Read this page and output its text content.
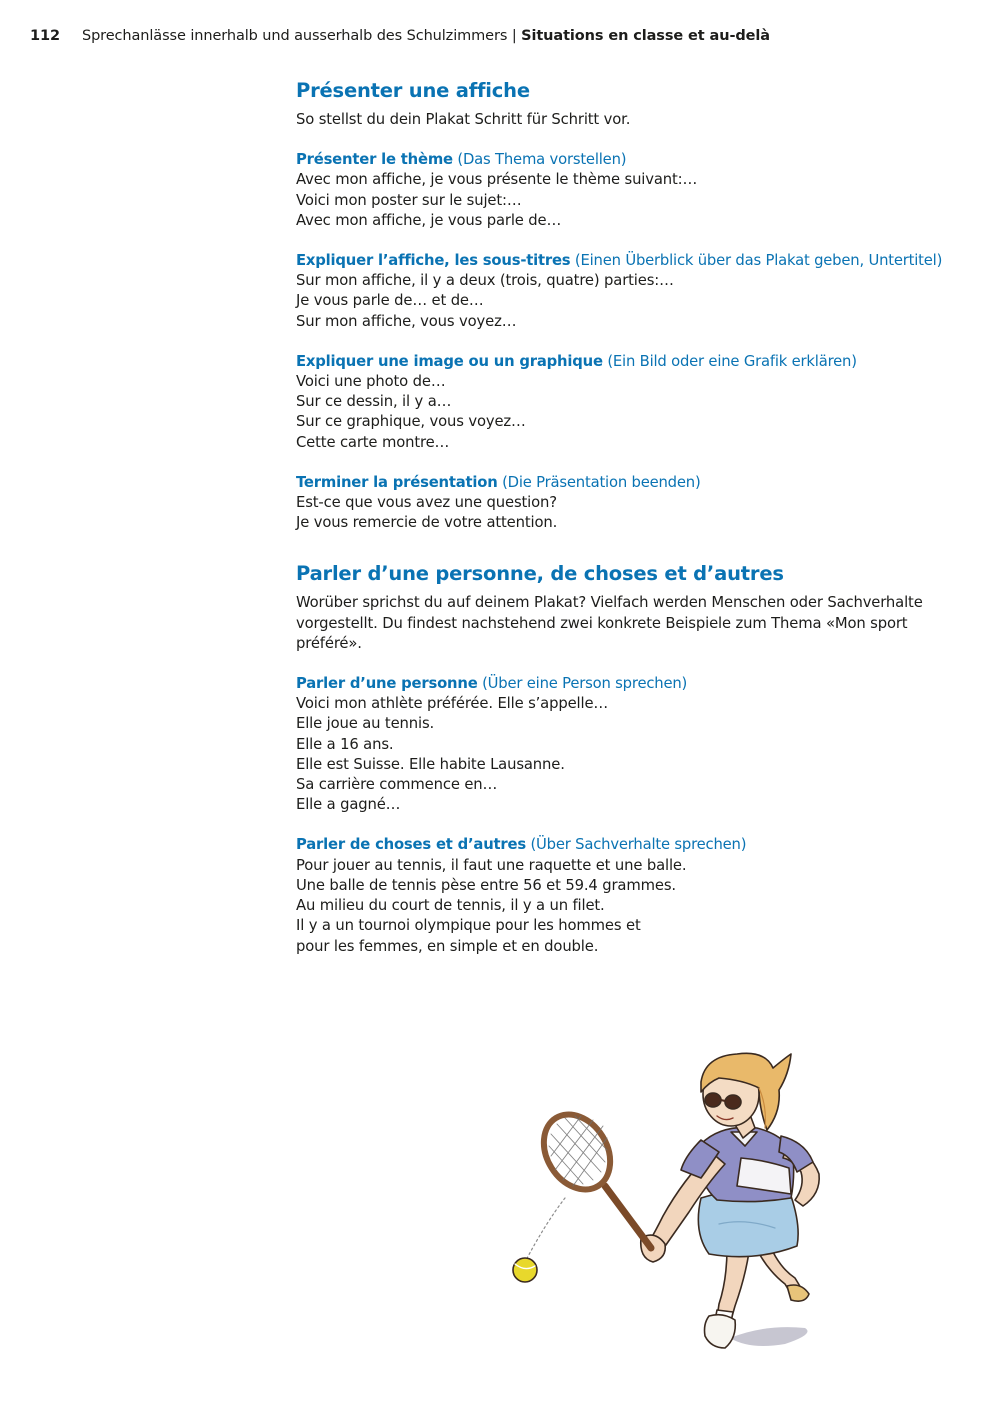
112 Sprechanlässe innerhalb und ausserhalb des Schulzimmers | Situations en classe et au-delà
Présenter une affiche

So stellst du dein Plakat Schritt für Schritt vor.

Présenter le thème (Das Thema vorstellen)
Avec mon affiche, je vous présente le thème suivant:…
Voici mon poster sur le sujet:…
Avec mon affiche, je vous parle de…
Expliquer l’affiche, les sous-titres (Einen Überblick über das Plakat geben, Untertitel)
Sur mon affiche, il y a deux (trois, quatre) parties:…
Je vous parle de… et de…
Sur mon affiche, vous voyez…
Expliquer une image ou un graphique (Ein Bild oder eine Grafik erklären)
Voici une photo de…
Sur ce dessin, il y a…
Sur ce graphique, vous voyez…
Cette carte montre…
Terminer la présentation (Die Präsentation beenden)
Est-ce que vous avez une question?
Je vous remercie de votre attention.
Parler d’une personne, de choses et d’autres

Worüber sprichst du auf deinem Plakat? Vielfach werden Menschen oder Sachverhalte vorgestellt. Du findest nachstehend zwei konkrete Beispiele zum Thema «Mon sport préféré».

Parler d’une personne (Über eine Person sprechen)
Voici mon athlète préférée. Elle s’appelle…
Elle joue au tennis.
Elle a 16 ans.
Elle est Suisse. Elle habite Lausanne.
Sa carrière commence en…
Elle a gagné…
Parler de choses et d’autres (Über Sachverhalte sprechen)
Pour jouer au tennis, il faut une raquette et une balle.
Une balle de tennis pèse entre 56 et 59.4 grammes.
Au milieu du court de tennis, il y a un filet.
Il y a un tournoi olympique pour les hommes et
pour les femmes, en simple et en double.
